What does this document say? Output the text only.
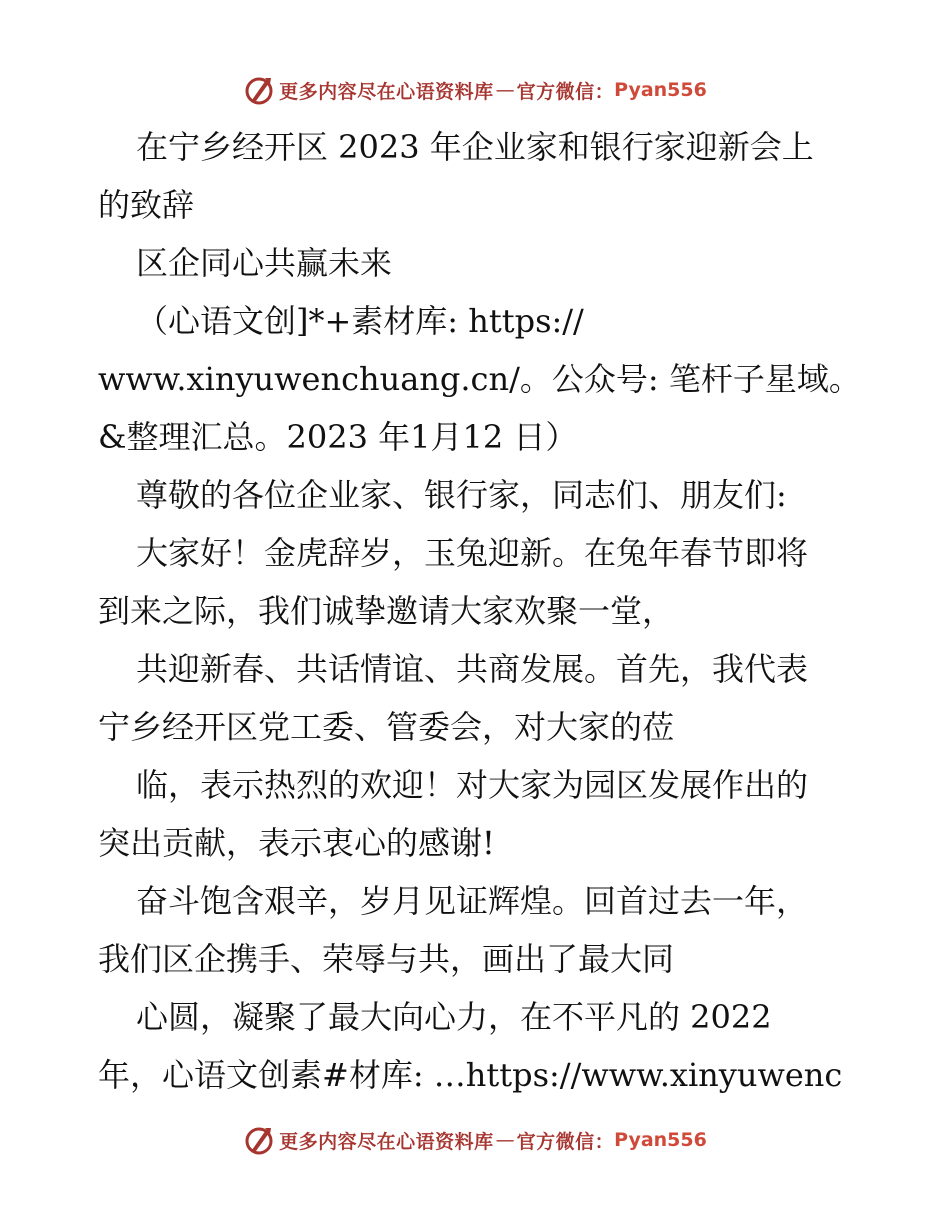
更多内容尽在心语资料库 — 官方微信： Pyan556
在宁乡经开区 2023 年企业家和银行家迎新会上
的致辞
区企同心共赢未来
（心语文创]*+素材库: https://
www.xinyuwenchuang.cn/。公众号: 笔杆子星域。
&整理汇总。2023 年1月12 日）
尊敬的各位企业家、银行家，同志们、朋友们:
大家好！金虎辞岁，玉兔迎新。在兔年春节即将
到来之际，我们诚挚邀请大家欢聚一堂，
共迎新春、共话情谊、共商发展。首先，我代表
宁乡经开区党工委、管委会，对大家的莅
临，表示热烈的欢迎！对大家为园区发展作出的
突出贡献，表示衷心的感谢!
奋斗饱含艰辛，岁月见证辉煌。回首过去一年，
我们区企携手、荣辱与共，画出了最大同
心圆，凝聚了最大向心力，在不平凡的 2022
年，心语文创素#材库: …https://www.xinyuwenc
更多内容尽在心语资料库 — 官方微信： Pyan556
